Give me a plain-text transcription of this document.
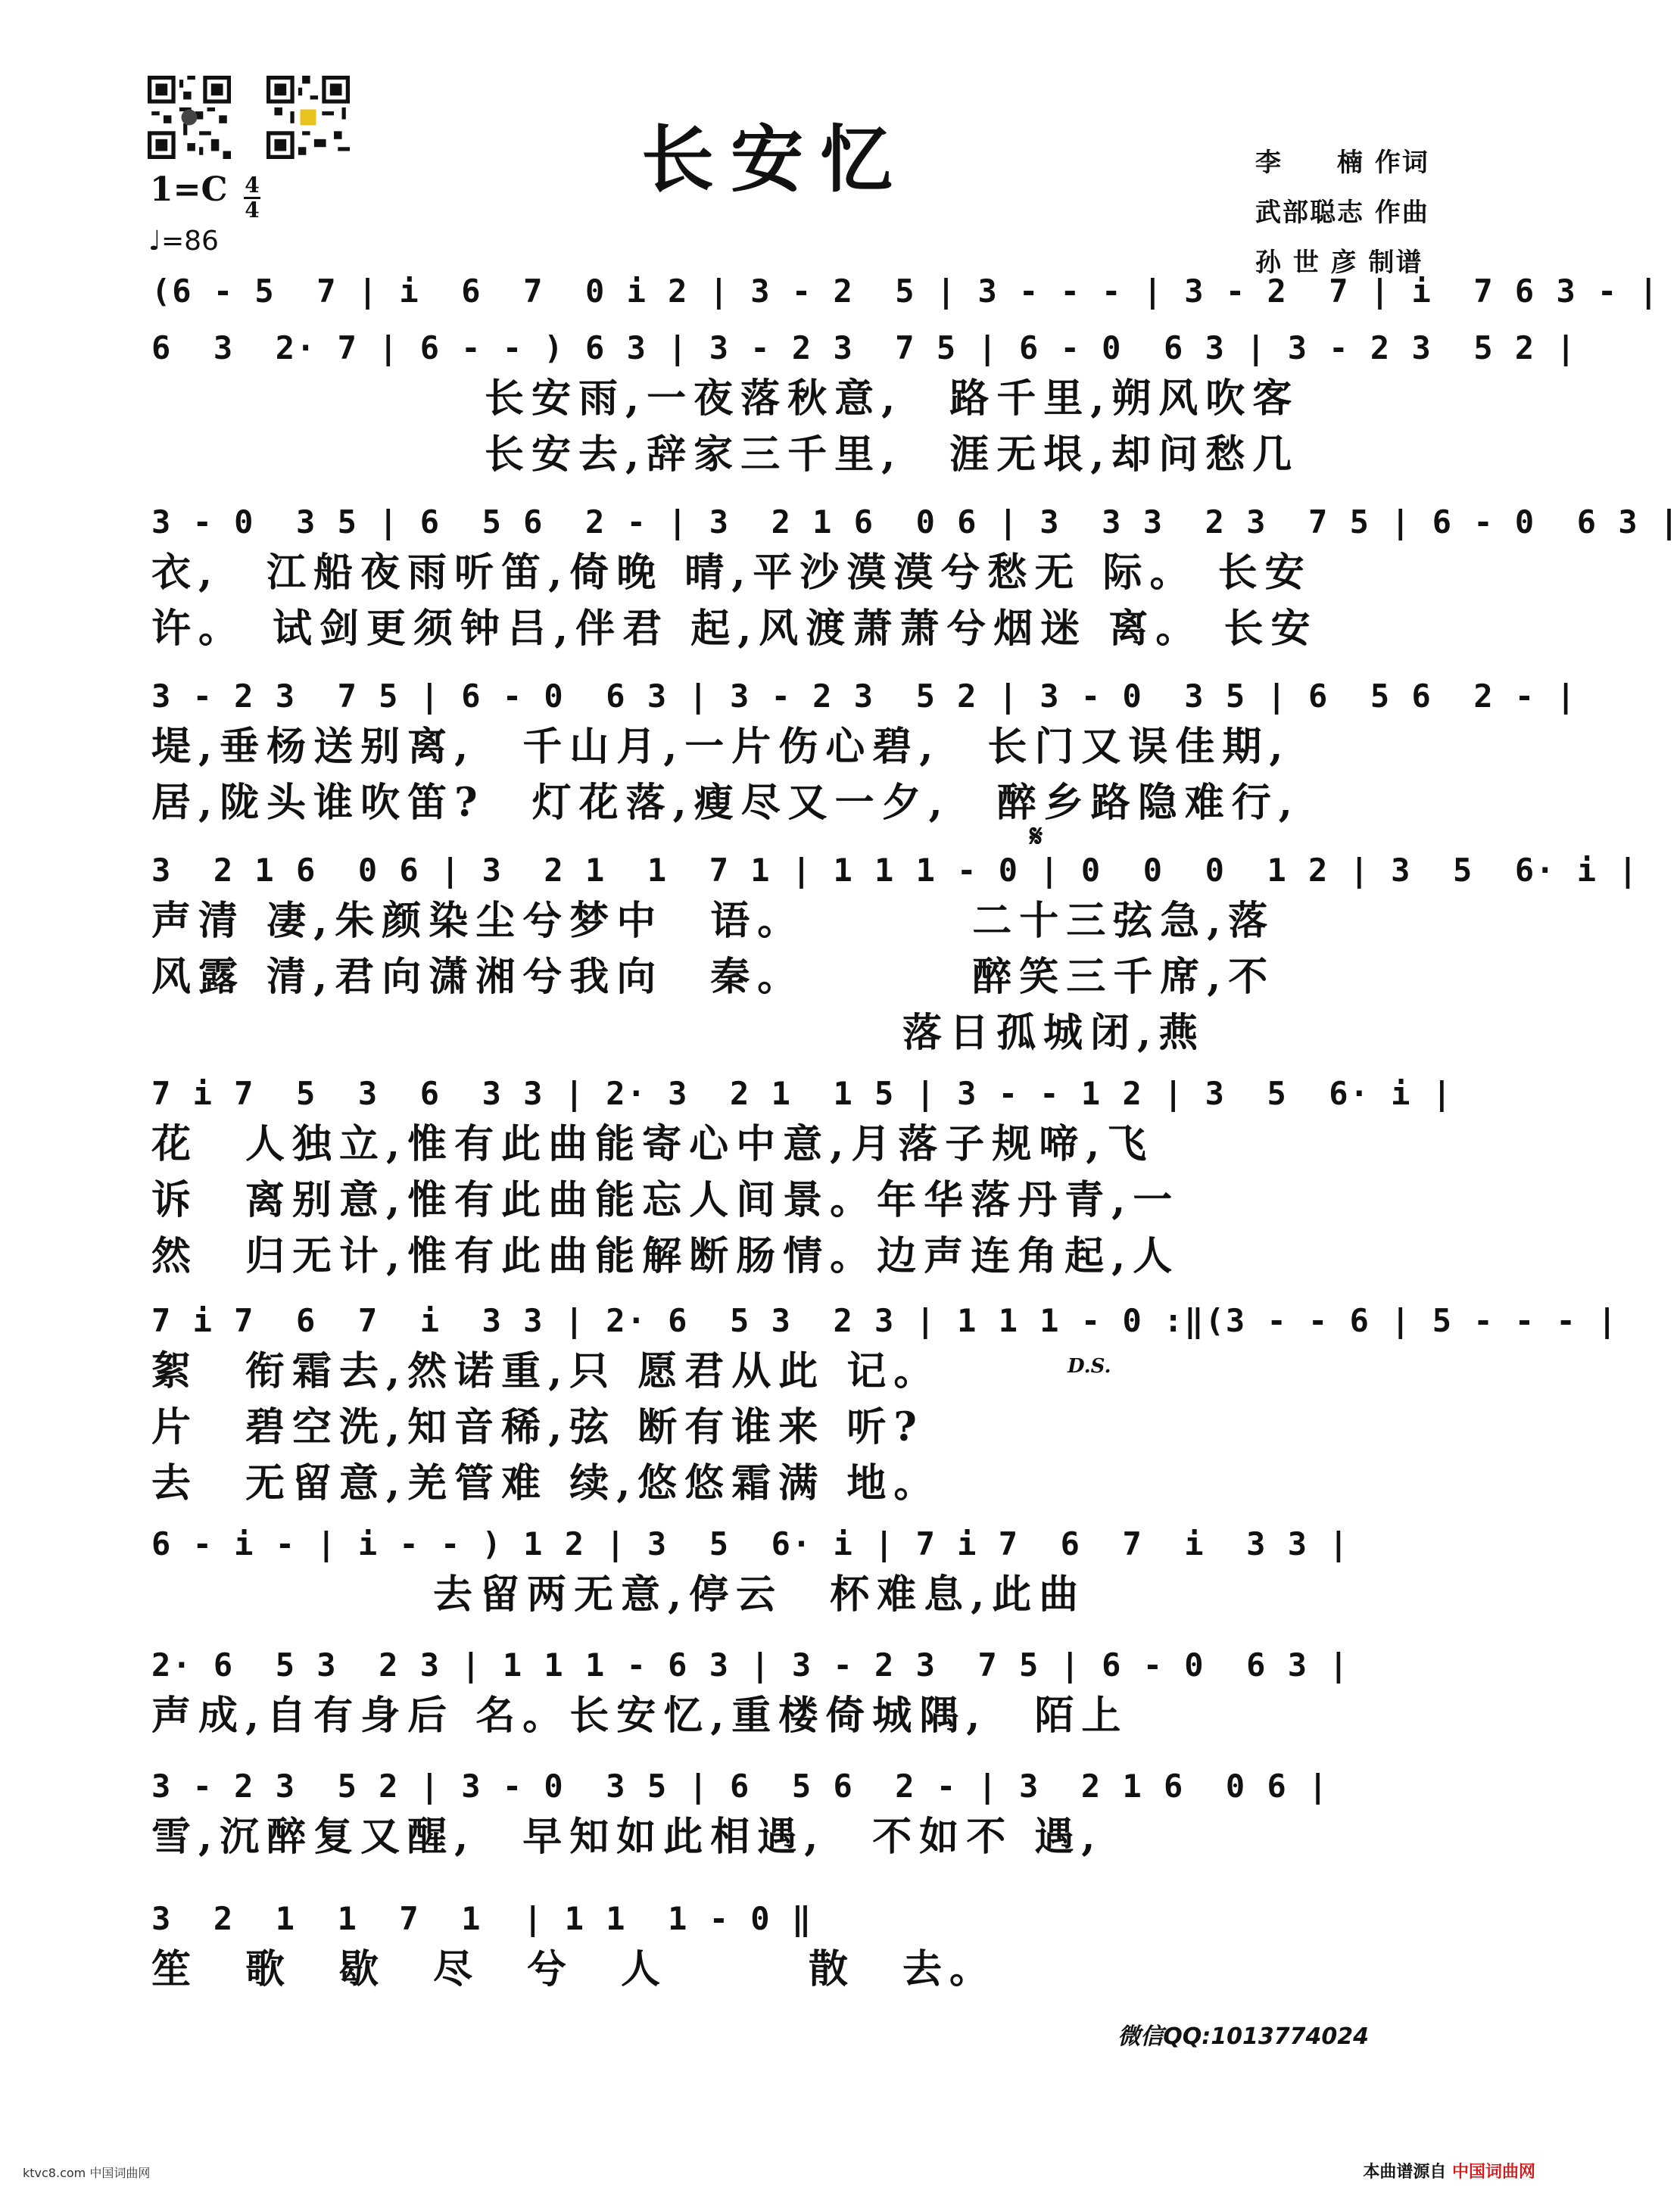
长安忆	李　　楠 作词
武部聪志 作曲
孙 世 彦 制谱
1=C 4
4
♩=86
(6 - 5  7 | i  6  7  0 i 2 | 3 - 2  5 | 3 - - - | 3 - 2  7 | i  7 6 3 - |
6  3  2· 7 | 6 - - ) 6 3 | 3 - 2 3  7 5 | 6 - 0  6 3 | 3 - 2 3  5 2 |
长安雨,一夜落秋意,　路千里,朔风吹客
长安去,辞家三千里,　涯无垠,却问愁几
3 - 0  3 5 | 6  5 6  2 - | 3  2 1 6  0 6 | 3  3 3  2 3  7 5 | 6 - 0  6 3 |
衣,　江船夜雨听笛,倚晚 晴,平沙漠漠兮愁无 际。 长安
许。　试剑更须钟吕,伴君 起,风渡萧萧兮烟迷 离。 长安
3 - 2 3  7 5 | 6 - 0  6 3 | 3 - 2 3  5 2 | 3 - 0  3 5 | 6  5 6  2 - |
堤,垂杨送别离,　千山月,一片伤心碧,　长门又误佳期,
居,陇头谁吹笛?　灯花落,瘦尽又一夕,　醉乡路隐难行,
𝄋
3  2 1 6  0 6 | 3  2 1  1  7 1 | 1 1 1 - 0 | 0  0  0  1 2 | 3  5  6· i |
声清 凄,朱颜染尘兮梦中　语。　　　　二十三弦急,落
风露 清,君向潇湘兮我向　秦。　　　　醉笑三千席,不
　　　　　　　　　　　　　　　　落日孤城闭,燕
7 i 7  5  3  6  3 3 | 2· 3  2 1  1 5 | 3 - - 1 2 | 3  5  6· i |
花　人独立,惟有此曲能寄心中意,月落子规啼,飞
诉　离别意,惟有此曲能忘人间景。年华落丹青,一
然　归无计,惟有此曲能解断肠情。边声连角起,人
7 i 7  6  7  i  3 3 | 2· 6  5 3  2 3 | 1 1 1 - 0 :‖(3 - - 6 | 5 - - - |
D.S.
絮　衔霜去,然诺重,只 愿君从此 记。
片　碧空洗,知音稀,弦 断有谁来 听?
去　无留意,羌管难 续,悠悠霜满 地。
6 - i - | i - - ) 1 2 | 3  5  6· i | 7 i 7  6  7  i  3 3 |
　　　　　　去留两无意,停云　杯难息,此曲
2· 6  5 3  2 3 | 1 1 1 - 6 3 | 3 - 2 3  7 5 | 6 - 0  6 3 |
声成,自有身后 名。长安忆,重楼倚城隅,　陌上
3 - 2 3  5 2 | 3 - 0  3 5 | 6  5 6  2 - | 3  2 1 6  0 6 |
雪,沉醉复又醒,　早知如此相遇,　不如不 遇,
3  2  1  1  7  1  | 1 1  1 - 0 ‖
笙　歌　歇　尽　兮　人　　　散　去。
微信QQ:1013774024
ktvc8.com 中国词曲网	本曲谱源自 中国词曲网
